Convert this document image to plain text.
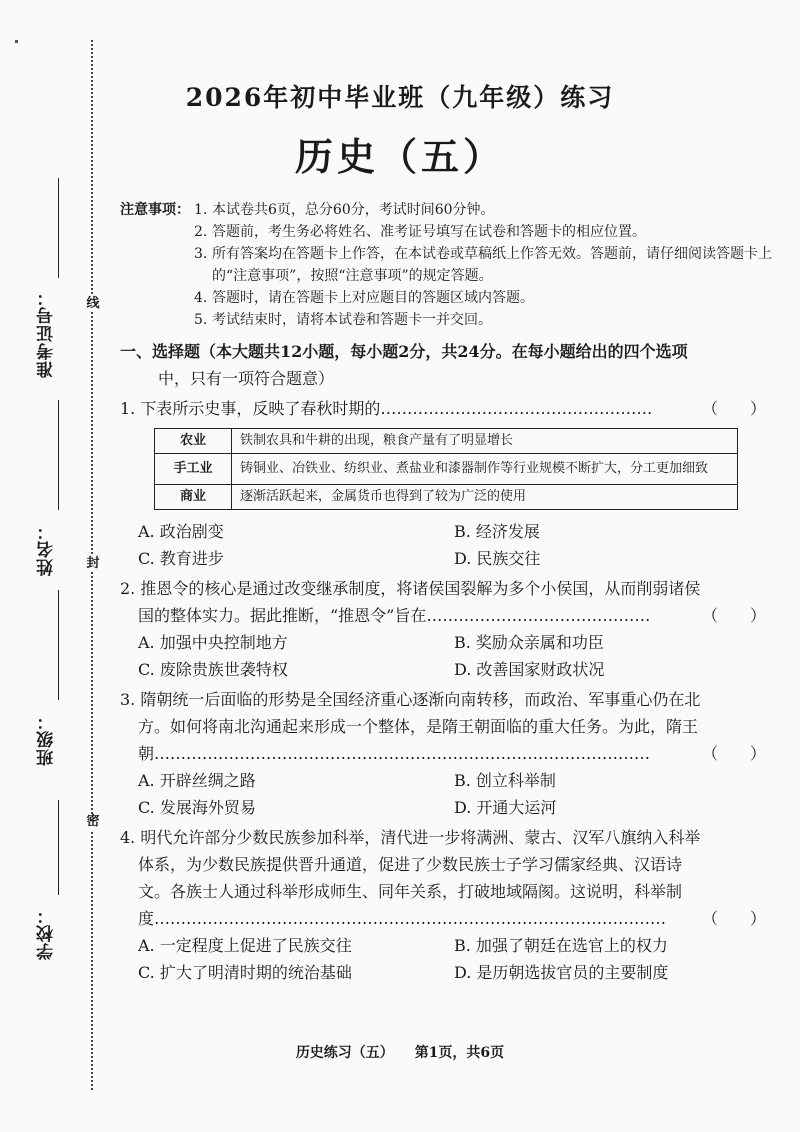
线
封
密
准考证号：
姓名：
班级：
学校：
2026年初中毕业班（九年级）练习
历史（五）
注意事项： 1. 本试卷共6页，总分60分，考试时间60分钟。
2. 答题前，考生务必将姓名、准考证号填写在试卷和答题卡的相应位置。
3. 所有答案均在答题卡上作答，在本试卷或草稿纸上作答无效。答题前，请仔细阅读答题卡上的“注意事项”，按照“注意事项”的规定答题。
4. 答题时，请在答题卡上对应题目的答题区域内答题。
5. 考试结束时，请将本试卷和答题卡一并交回。
一、选择题（本大题共12小题，每小题2分，共24分。在每小题给出的四个选项
中，只有一项符合题意）
（　　）
1. 下表所示史事，反映了春秋时期的……………………………………………
农业	铁制农具和牛耕的出现，粮食产量有了明显增长
手工业	铸铜业、冶铁业、纺织业、煮盐业和漆器制作等行业规模不断扩大，分工更加细致
商业	逐渐活跃起来，金属货币也得到了较为广泛的使用
A. 政治剧变	B. 经济发展
C. 教育进步	D. 民族交往
2. 推恩令的核心是通过改变继承制度，将诸侯国裂解为多个小侯国，从而削弱诸侯
（　　）
国的整体实力。据此推断，“推恩令”旨在……………………………………
A. 加强中央控制地方	B. 奖励众亲属和功臣
C. 废除贵族世袭特权	D. 改善国家财政状况
3. 隋朝统一后面临的形势是全国经济重心逐渐向南转移，而政治、军事重心仍在北
方。如何将南北沟通起来形成一个整体，是隋王朝面临的重大任务。为此，隋王
（　　）
朝…………………………………………………………………………………
A. 开辟丝绸之路	B. 创立科举制
C. 发展海外贸易	D. 开通大运河
4. 明代允许部分少数民族参加科举，清代进一步将满洲、蒙古、汉军八旗纳入科举
体系，为少数民族提供晋升通道，促进了少数民族士子学习儒家经典、汉语诗
文。各族士人通过科举形成师生、同年关系，打破地域隔阂。这说明，科举制
（　　）
度……………………………………………………………………………………
A. 一定程度上促进了民族交往	B. 加强了朝廷在选官上的权力
C. 扩大了明清时期的统治基础	D. 是历朝选拔官员的主要制度
历史练习（五） 第1页，共6页
